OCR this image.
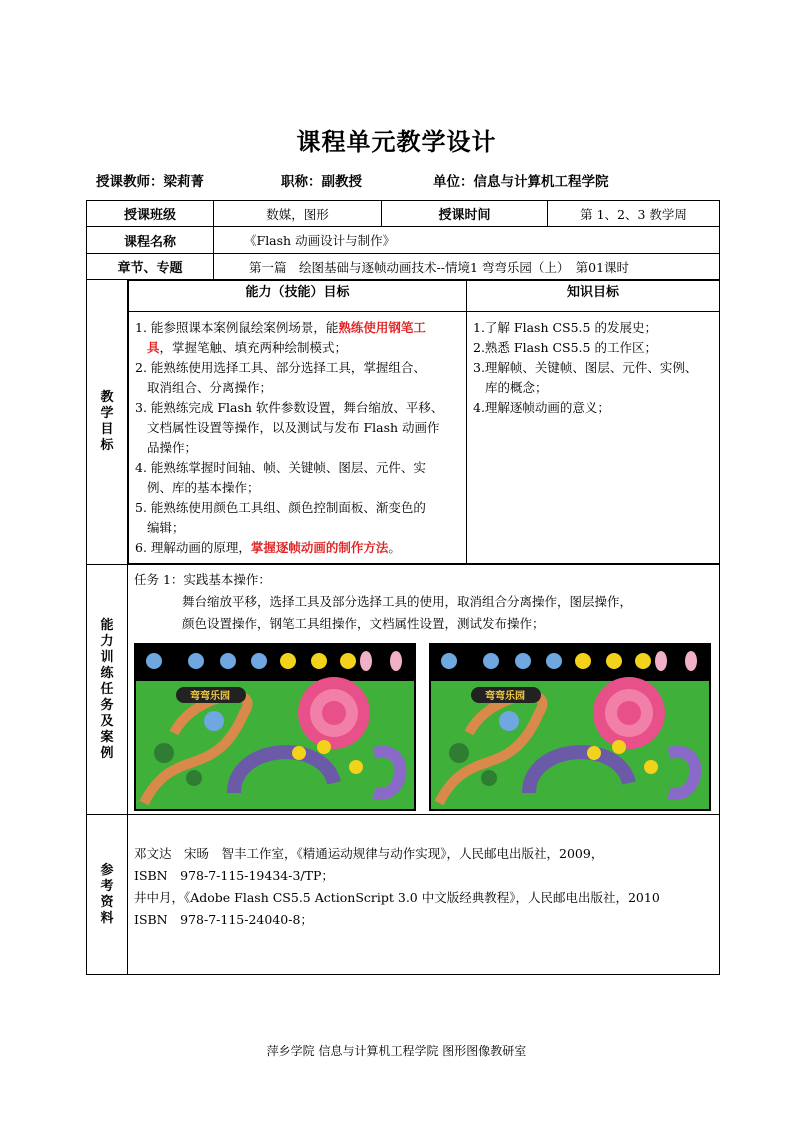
课程单元教学设计
授课教师：梁莉菁	职称：副教授	单位：信息与计算机工程学院
授课班级	数媒，图形	授课时间	第 1、2、3 教学周
课程名称	《Flash 动画设计与制作》
章节、专题	第一篇　绘图基础与逐帧动画技术--情境1 弯弯乐园（上）　第01课时

教
学
目
标

能力（技能）目标	知识目标

1. 能参照课本案例鼠绘案例场景，能熟练使用钢笔工
具，掌握笔触、填充两种绘制模式；
2. 能熟练使用选择工具、部分选择工具，掌握组合、
取消组合、分离操作；
3. 能熟练完成 Flash 软件参数设置，舞台缩放、平移、
文档属性设置等操作，以及测试与发布 Flash 动画作
品操作；
4. 能熟练掌握时间轴、帧、关键帧、图层、元件、实
例、库的基本操作；
5. 能熟练使用颜色工具组、颜色控制面板、渐变色的
编辑；
6. 理解动画的原理，掌握逐帧动画的制作方法。

1.了解 Flash CS5.5 的发展史；
2.熟悉 Flash CS5.5 的工作区；
3.理解帧、关键帧、图层、元件、实例、
库的概念；
4.理解逐帧动画的意义；

能
力
训
练
任
务
及
案
例

任务 1：实践基本操作：
舞台缩放平移，选择工具及部分选择工具的使用，取消组合分离操作，图层操作，
颜色设置操作，钢笔工具组操作，文档属性设置，测试发布操作；
弯弯乐园	弯弯乐园

参
考
资
料

邓文达　宋旸　智丰工作室，《精通运动规律与动作实现》，人民邮电出版社，2009，
ISBN　978-7-115-19434-3/TP；
井中月，《Adobe Flash CS5.5 ActionScript 3.0 中文版经典教程》，人民邮电出版社，2010
ISBN　978-7-115-24040-8；
萍乡学院 信息与计算机工程学院 图形图像教研室
